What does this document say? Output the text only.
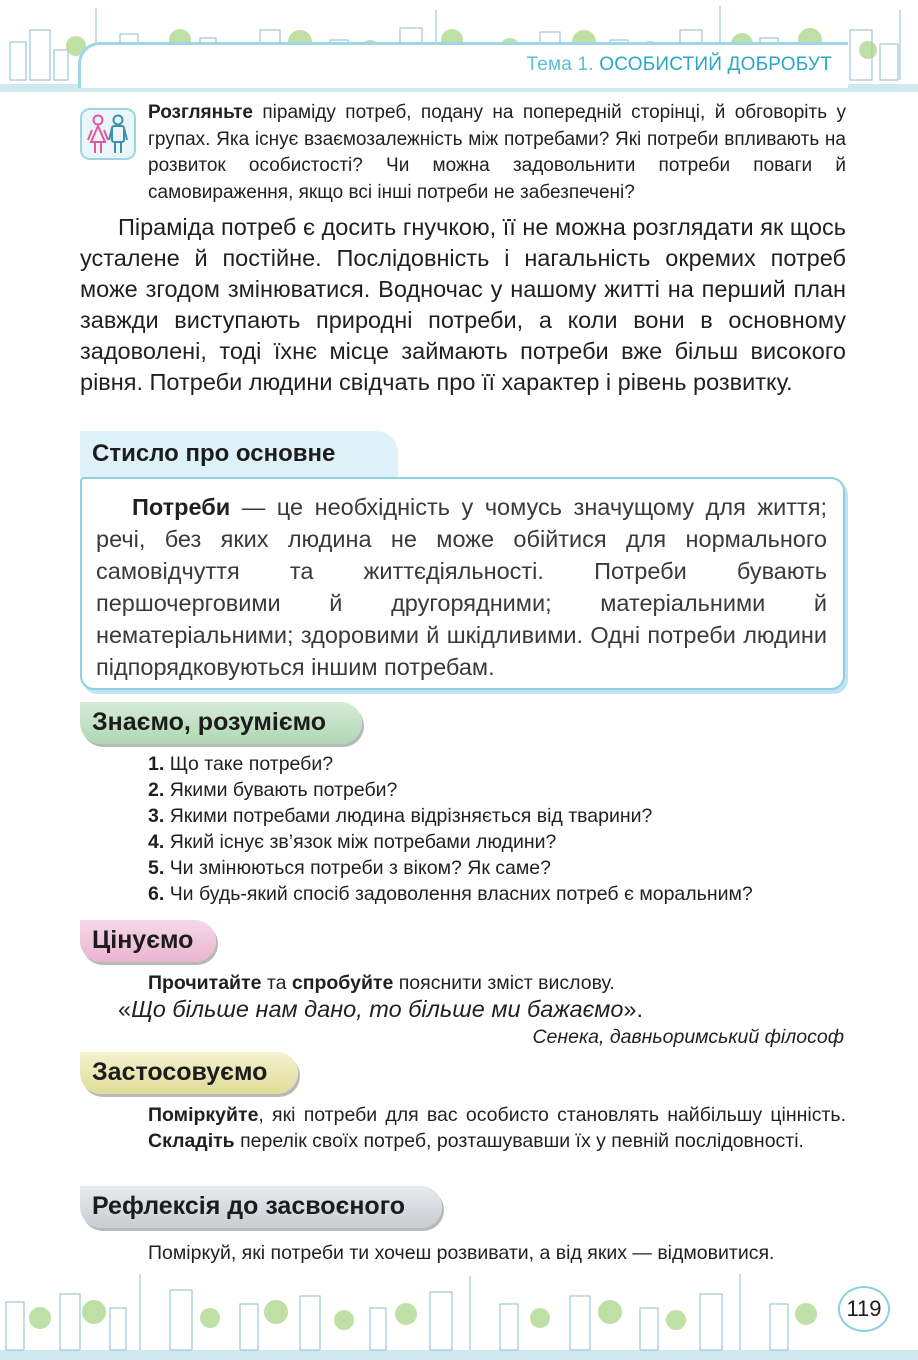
Тема 1. ОСОБИСТИЙ ДОБРОБУТ

Розгляньте піраміду потреб, подану на попередній сторінці, й обговоріть у групах. Яка існує взаємозалежність між потребами? Які потреби впливають на розвиток особистості? Чи можна задовольнити потреби поваги й самовираження, якщо всі інші потреби не забезпечені?

Піраміда потреб є досить гнучкою, її не можна розглядати як щось усталене й постійне. Послідовність і нагальність окремих потреб може згодом змінюватися. Водночас у нашому житті на перший план завжди виступають природні потреби, а коли вони в основному задоволені, тоді їхнє місце займають потреби вже більш високого рівня. Потреби людини свідчать про її характер і рівень розвитку.

Стисло про основне
Потреби — це необхідність у чомусь значущому для життя; речі, без яких людина не може обійтися для нормального самовідчуття та життєдіяльності. Потреби бувають першочерговими й другорядними; матеріальними й нематеріальними; здоровими й шкідливими. Одні потреби людини підпорядковуються іншим потребам.
Знаємо, розуміємо
1. Що таке потреби?
2. Якими бувають потреби?
3. Якими потребами людина відрізняється від тварини?
4. Який існує зв’язок між потребами людини?
5. Чи змінюються потреби з віком? Як саме?
6. Чи будь-який спосіб задоволення власних потреб є моральним?
Цінуємо

Прочитайте та спробуйте пояснити зміст вислову.

«Що більше нам дано, то більше ми бажаємо».

Сенека, давньоримський філософ

Застосовуємо

Поміркуйте, які потреби для вас особисто становлять найбільшу цінність. Складіть перелік своїх потреб, розташувавши їх у певній послідовності.

Рефлексія до засвоєного

Поміркуй, які потреби ти хочеш розвивати, а від яких — відмовитися.

119
